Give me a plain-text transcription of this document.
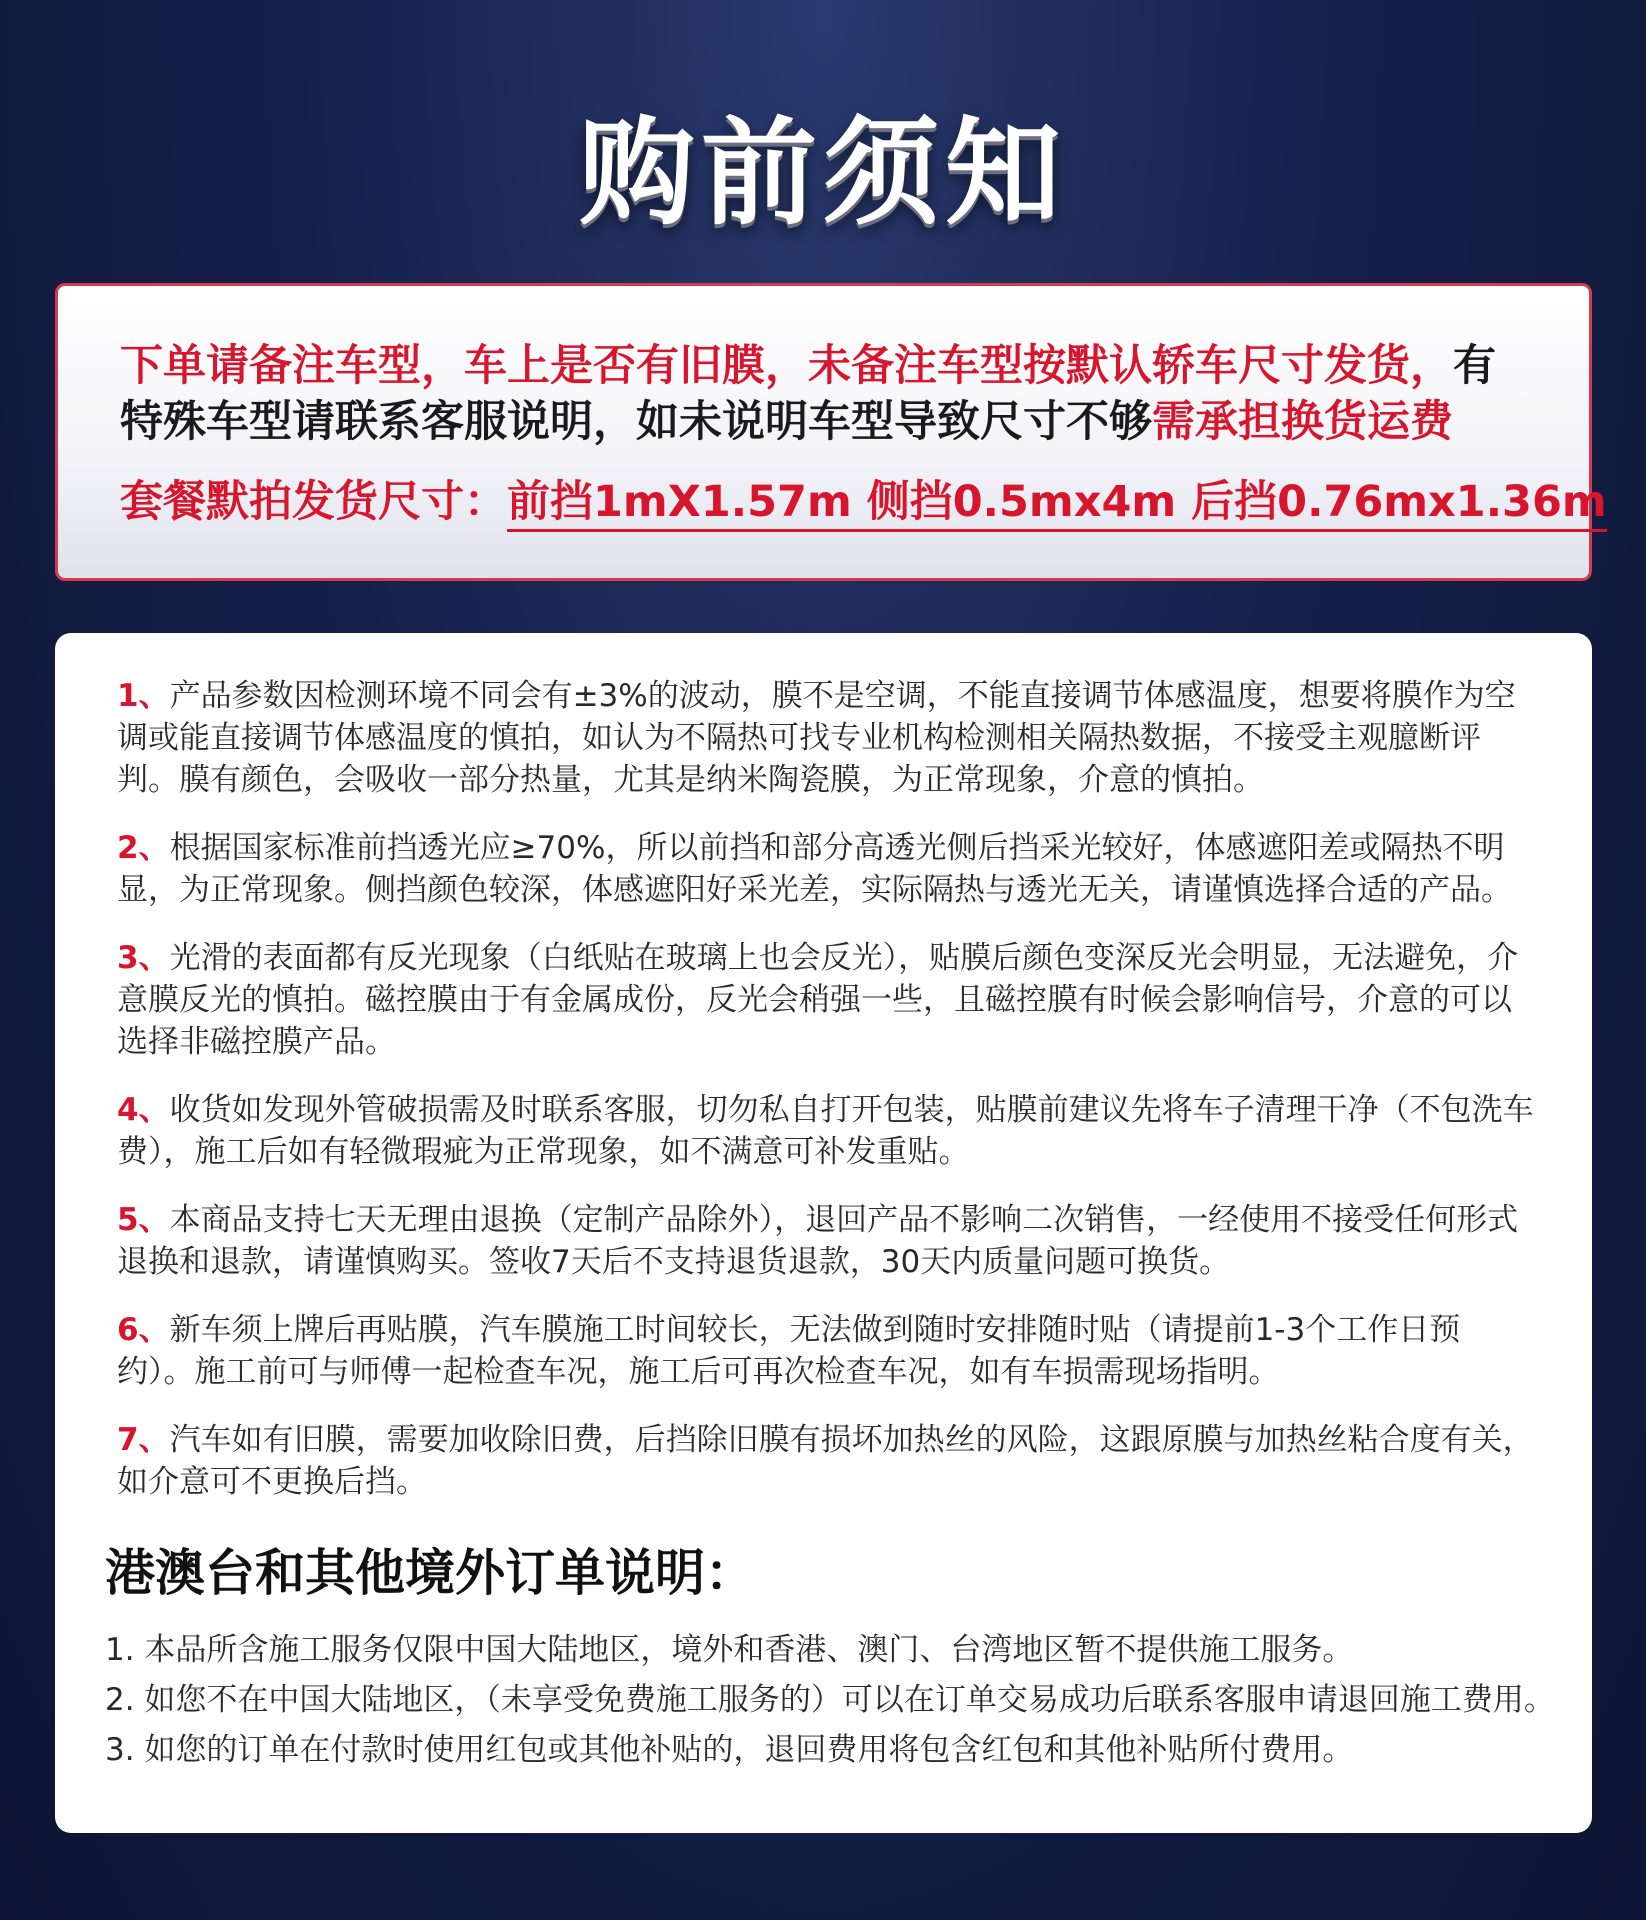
购前须知
下单请备注车型，车上是否有旧膜，未备注车型按默认轿车尺寸发货，有
特殊车型请联系客服说明，如未说明车型导致尺寸不够需承担换货运费
套餐默拍发货尺寸：前挡1mX1.57m 侧挡0.5mx4m 后挡0.76mx1.36m

1、产品参数因检测环境不同会有±3%的波动，膜不是空调，不能直接调节体感温度，想要将膜作为空调或能直接调节体感温度的慎拍，如认为不隔热可找专业机构检测相关隔热数据，不接受主观臆断评判。膜有颜色，会吸收一部分热量，尤其是纳米陶瓷膜，为正常现象，介意的慎拍。

2、根据国家标准前挡透光应≥70%，所以前挡和部分高透光侧后挡采光较好，体感遮阳差或隔热不明显，为正常现象。侧挡颜色较深，体感遮阳好采光差，实际隔热与透光无关，请谨慎选择合适的产品。

3、光滑的表面都有反光现象（白纸贴在玻璃上也会反光），贴膜后颜色变深反光会明显，无法避免，介意膜反光的慎拍。磁控膜由于有金属成份，反光会稍强一些，且磁控膜有时候会影响信号，介意的可以选择非磁控膜产品。

4、收货如发现外管破损需及时联系客服，切勿私自打开包装，贴膜前建议先将车子清理干净（不包洗车费），施工后如有轻微瑕疵为正常现象，如不满意可补发重贴。

5、本商品支持七天无理由退换（定制产品除外），退回产品不影响二次销售，一经使用不接受任何形式退换和退款，请谨慎购买。签收7天后不支持退货退款，30天内质量问题可换货。

6、新车须上牌后再贴膜，汽车膜施工时间较长，无法做到随时安排随时贴（请提前1-3个工作日预约）。施工前可与师傅一起检查车况，施工后可再次检查车况，如有车损需现场指明。

7、汽车如有旧膜，需要加收除旧费，后挡除旧膜有损坏加热丝的风险，这跟原膜与加热丝粘合度有关，如介意可不更换后挡。

港澳台和其他境外订单说明：

1. 本品所含施工服务仅限中国大陆地区，境外和香港、澳门、台湾地区暂不提供施工服务。

2. 如您不在中国大陆地区，（未享受免费施工服务的）可以在订单交易成功后联系客服申请退回施工费用。

3. 如您的订单在付款时使用红包或其他补贴的，退回费用将包含红包和其他补贴所付费用。
